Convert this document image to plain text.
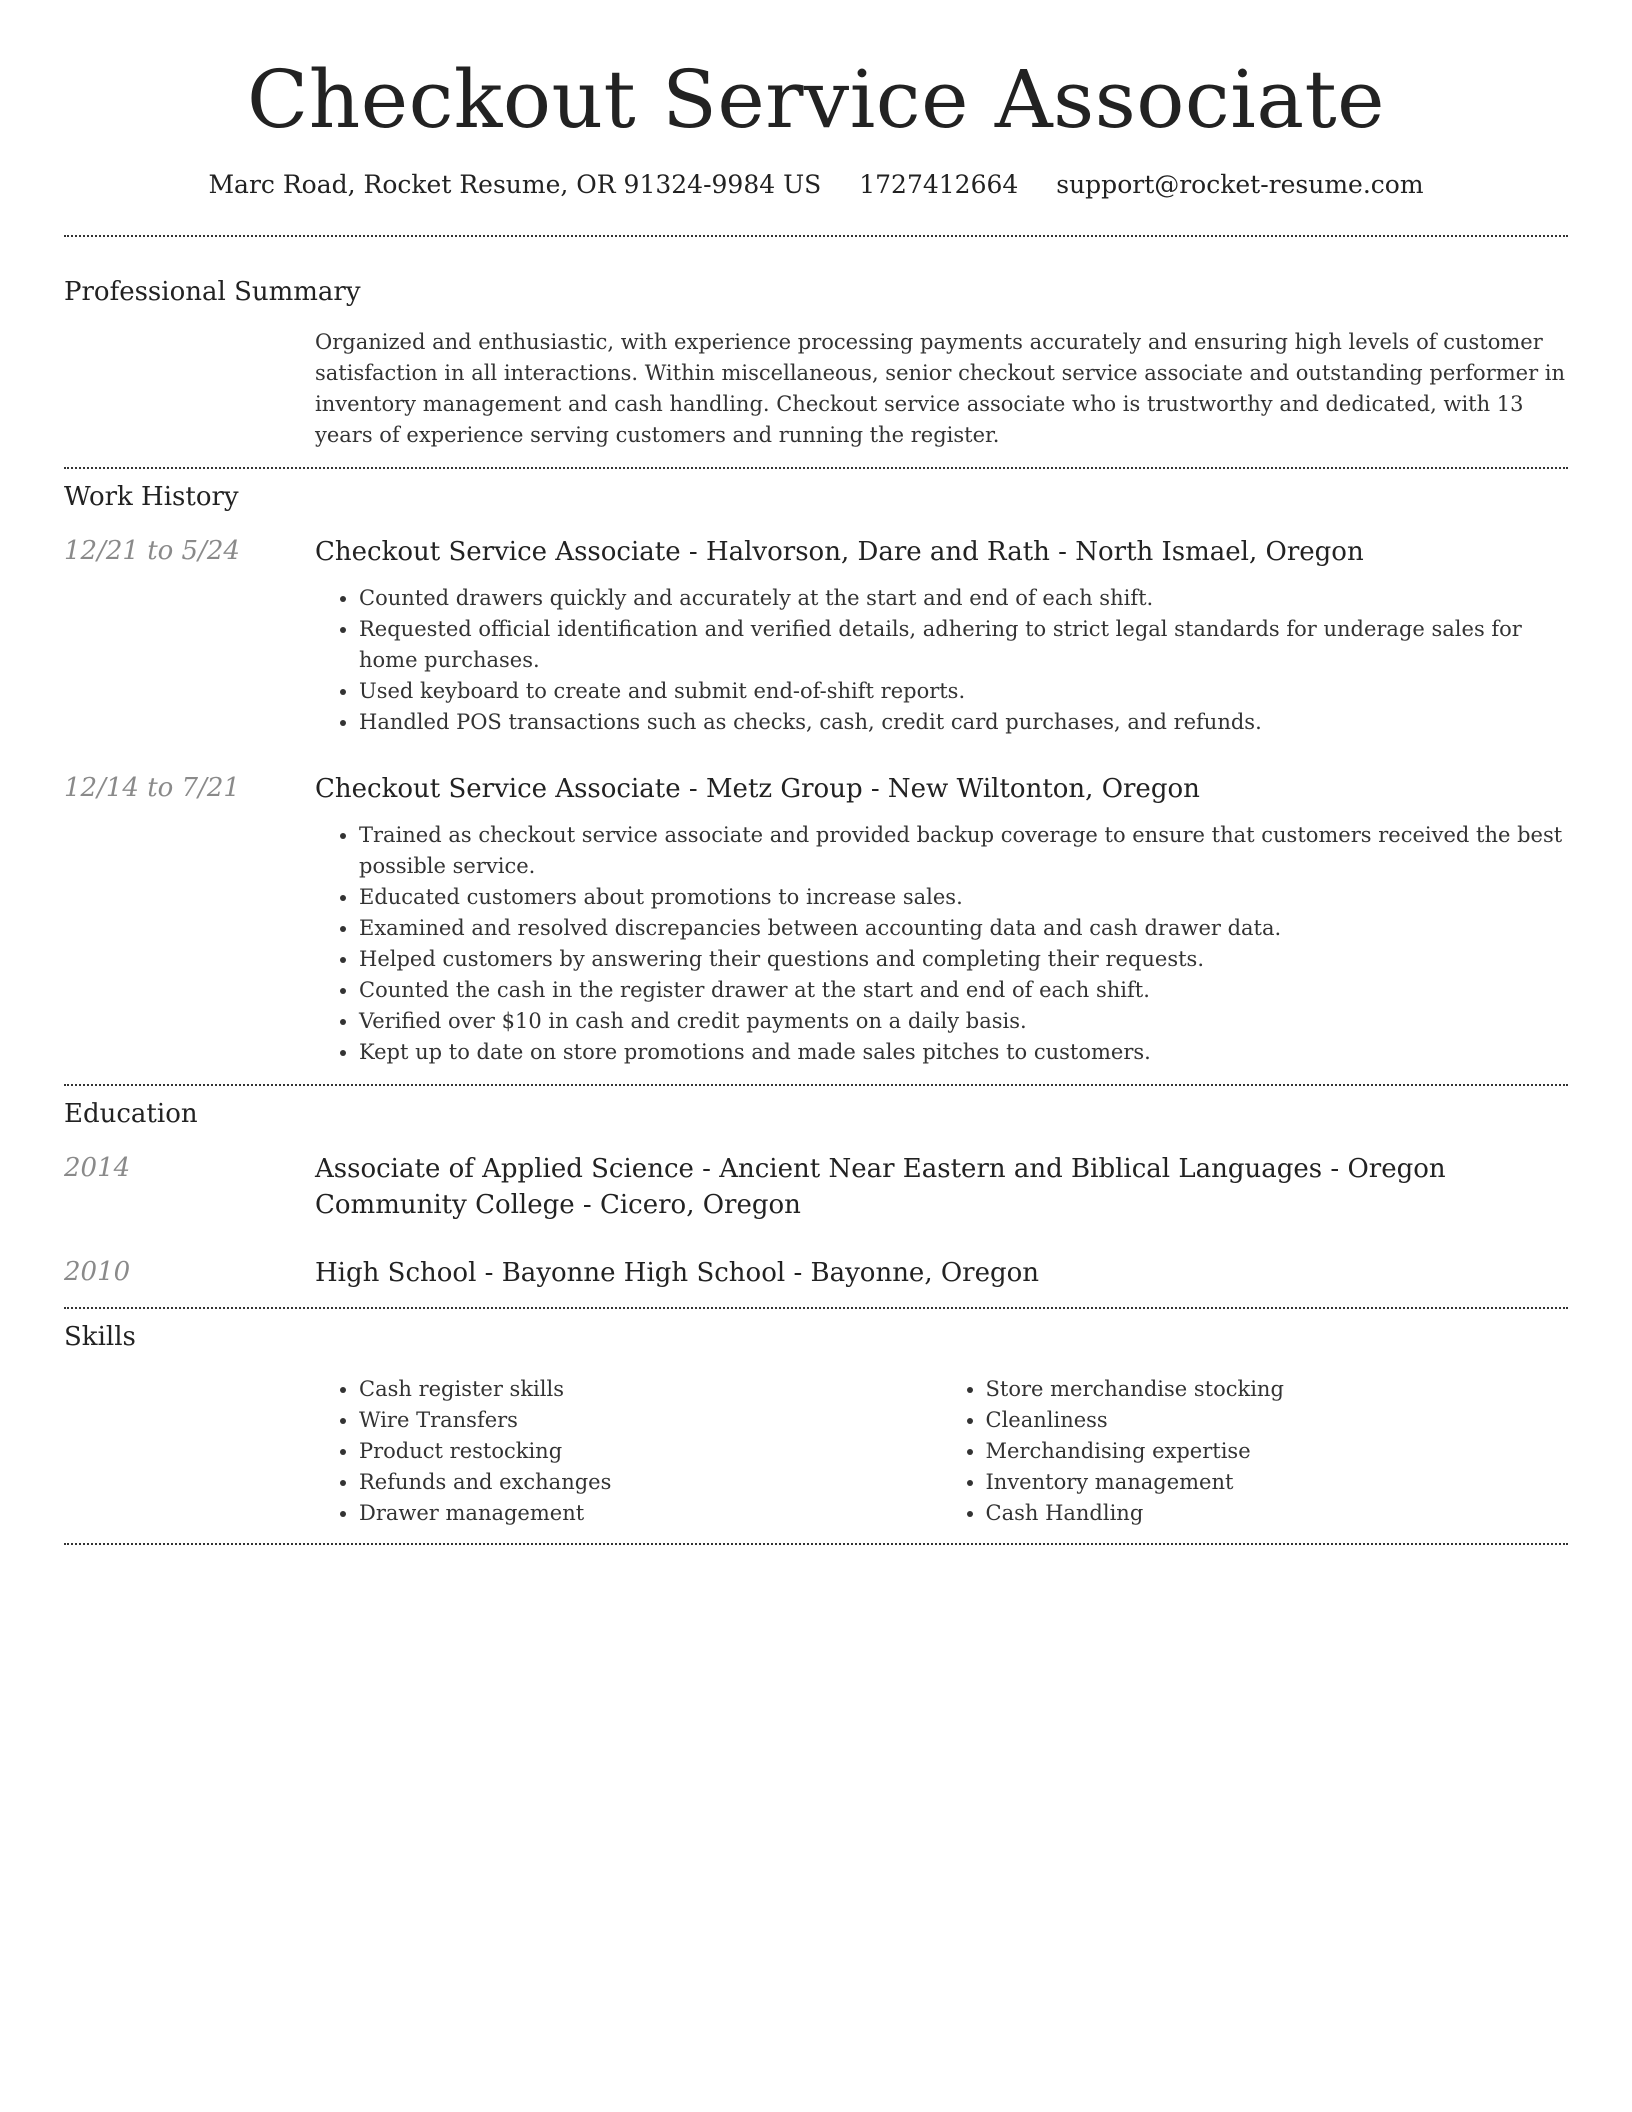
Checkout Service Associate
Marc Road, Rocket Resume, OR 91324-9984 US 1727412664 support@rocket-resume.com
Professional Summary
Organized and enthusiastic, with experience processing payments accurately and ensuring high levels of customer satisfaction in all interactions. Within miscellaneous, senior checkout service associate and outstanding performer in inventory management and cash handling. Checkout service associate who is trustworthy and dedicated, with 13 years of experience serving customers and running the register.
Work History
12/21 to 5/24	Checkout Service Associate - Halvorson, Dare and Rath - North Ismael, Oregon
• Counted drawers quickly and accurately at the start and end of each shift.
• Requested official identification and verified details, adhering to strict legal standards for underage sales for home purchases.
• Used keyboard to create and submit end-of-shift reports.
• Handled POS transactions such as checks, cash, credit card purchases, and refunds.
12/14 to 7/21	Checkout Service Associate - Metz Group - New Wiltonton, Oregon
• Trained as checkout service associate and provided backup coverage to ensure that customers received the best possible service.
• Educated customers about promotions to increase sales.
• Examined and resolved discrepancies between accounting data and cash drawer data.
• Helped customers by answering their questions and completing their requests.
• Counted the cash in the register drawer at the start and end of each shift.
• Verified over $10 in cash and credit payments on a daily basis.
• Kept up to date on store promotions and made sales pitches to customers.
Education
2014	Associate of Applied Science - Ancient Near Eastern and Biblical Languages - Oregon Community College - Cicero, Oregon
2010	High School - Bayonne High School - Bayonne, Oregon
Skills
• Cash register skills
• Wire Transfers
• Product restocking
• Refunds and exchanges
• Drawer management
• Store merchandise stocking
• Cleanliness
• Merchandising expertise
• Inventory management
• Cash Handling
